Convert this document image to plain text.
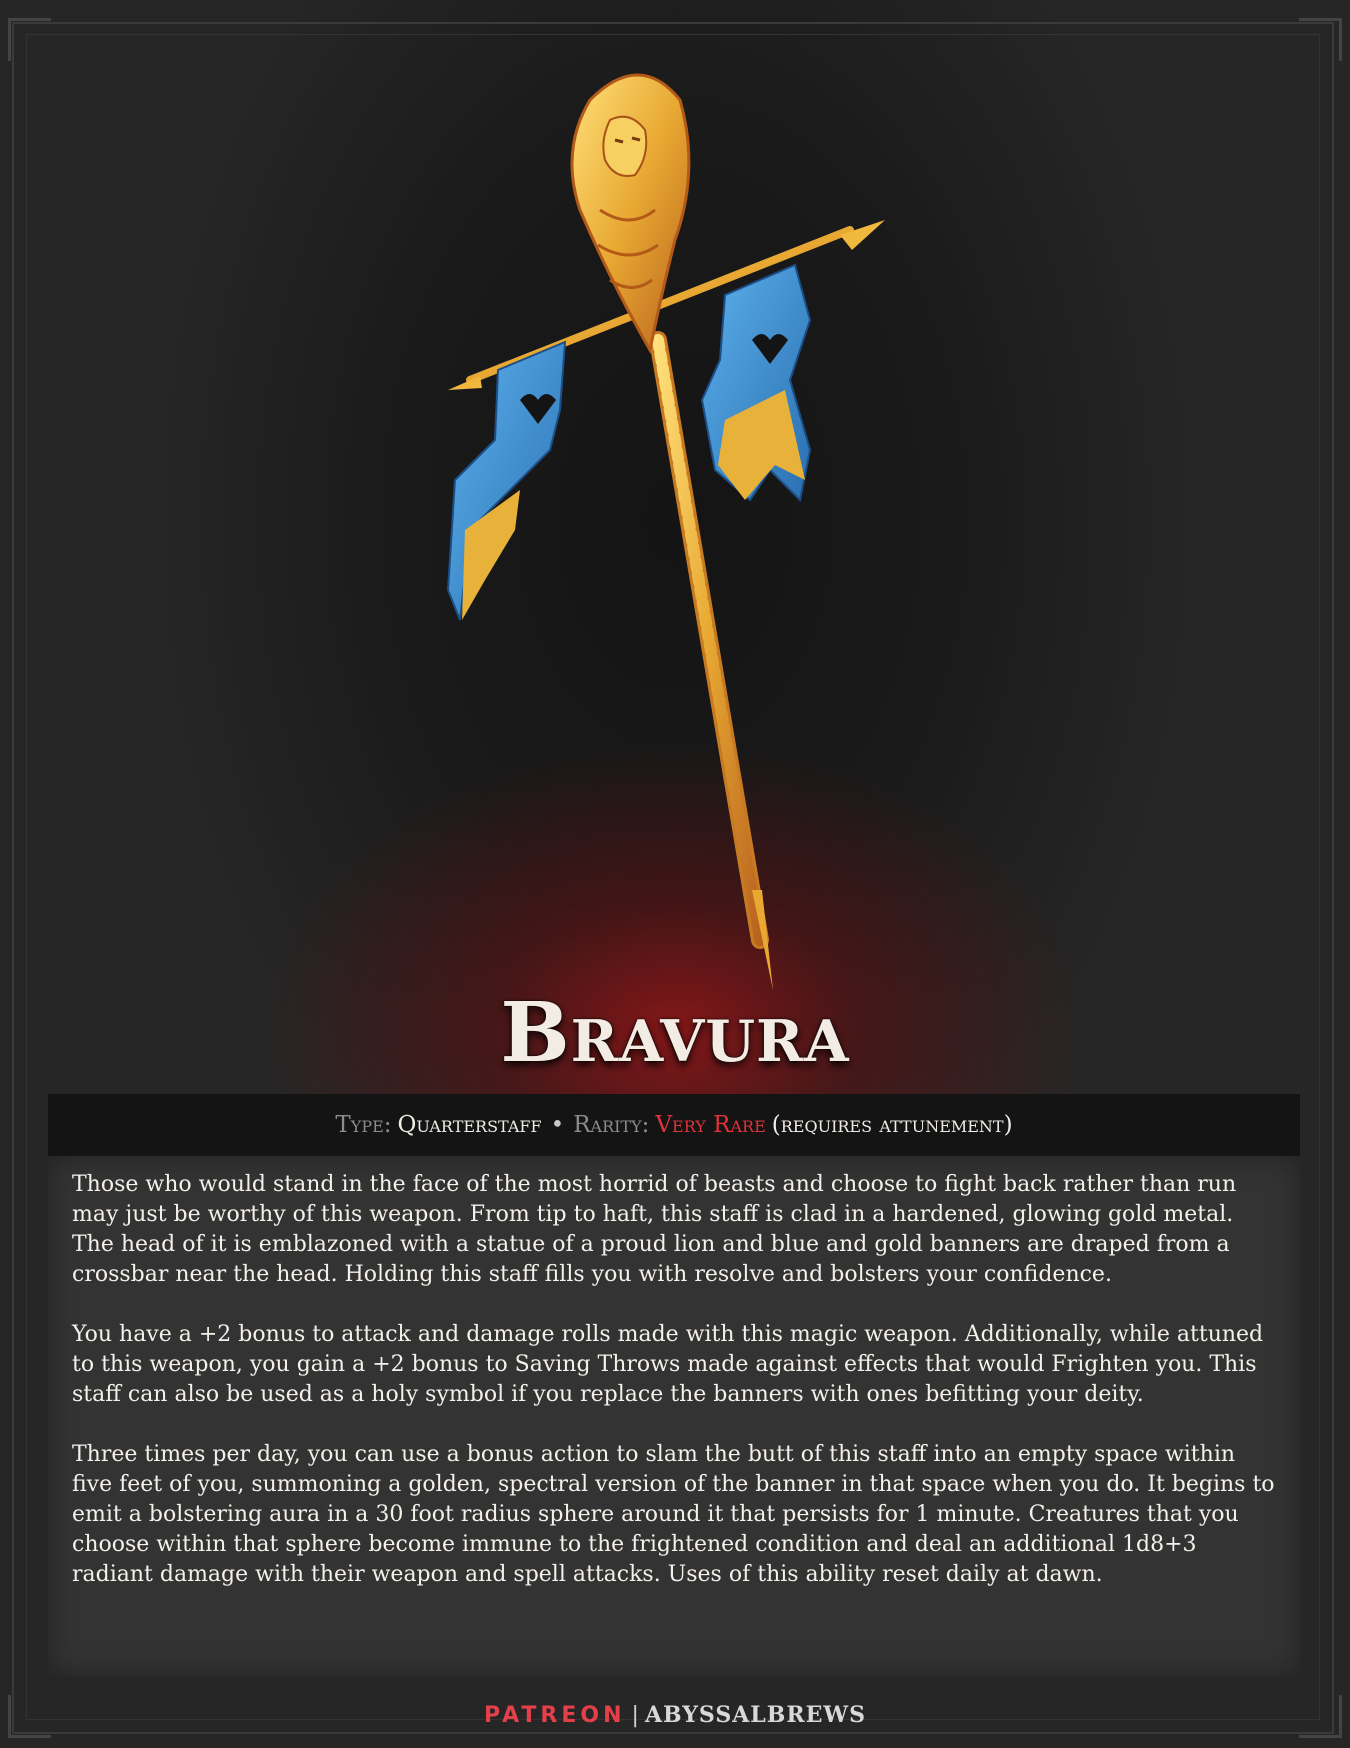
Bravura
Type: Quarterstaff • Rarity: Very Rare (requires attunement)

Those who would stand in the face of the most horrid of beasts and choose to fight back rather than run may just be worthy of this weapon. From tip to haft, this staff is clad in a hardened, glowing gold metal. The head of it is emblazoned with a statue of a proud lion and blue and gold banners are draped from a crossbar near the head. Holding this staff fills you with resolve and bolsters your confidence.

You have a +2 bonus to attack and damage rolls made with this magic weapon. Additionally, while attuned to this weapon, you gain a +2 bonus to Saving Throws made against effects that would Frighten you. This staff can also be used as a holy symbol if you replace the banners with ones befitting your deity.

Three times per day, you can use a bonus action to slam the butt of this staff into an empty space within five feet of you, summoning a golden, spectral version of the banner in that space when you do. It begins to emit a bolstering aura in a 30 foot radius sphere around it that persists for 1 minute. Creatures that you choose within that sphere become immune to the frightened condition and deal an additional 1d8+3 radiant damage with their weapon and spell attacks. Uses of this ability reset daily at dawn.

PATREON | ABYSSALBREWS
